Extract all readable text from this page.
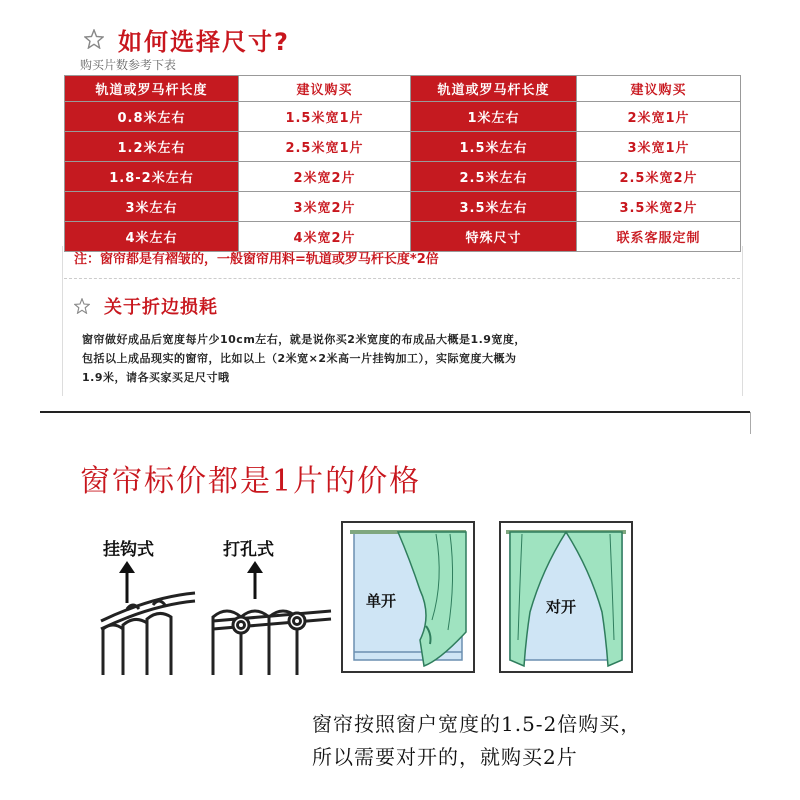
如何选择尺寸?
购买片数参考下表
轨道或罗马杆长度	建议购买	轨道或罗马杆长度	建议购买
0.8米左右	1.5米宽1片	1米左右	2米宽1片
1.2米左右	2.5米宽1片	1.5米左右	3米宽1片
1.8-2米左右	2米宽2片	2.5米左右	2.5米宽2片
3米左右	3米宽2片	3.5米左右	3.5米宽2片
4米左右	4米宽2片	特殊尺寸	联系客服定制
注：窗帘都是有褶皱的，一般窗帘用料=轨道或罗马杆长度*2倍
关于折边损耗
窗帘做好成品后宽度每片少10cm左右，就是说你买2米宽度的布成品大概是1.9宽度，
包括以上成品现实的窗帘，比如以上（2米宽×2米高一片挂钩加工），实际宽度大概为
1.9米，请各买家买足尺寸哦
窗帘标价都是1片的价格
挂钩式	打孔式
单开	对开
窗帘按照窗户宽度的1.5-2倍购买，
所以需要对开的，就购买2片
